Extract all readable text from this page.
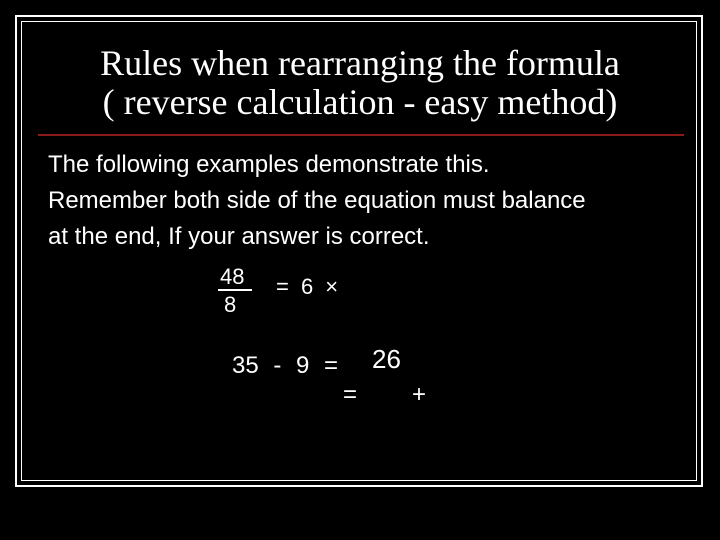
Rules when rearranging the formula
( reverse calculation - easy method)
The following examples demonstrate this.
Remember both side of the equation must balance
at the end, If your answer is correct.
48
8
= 6 ×
35 - 9 = 26
= +
